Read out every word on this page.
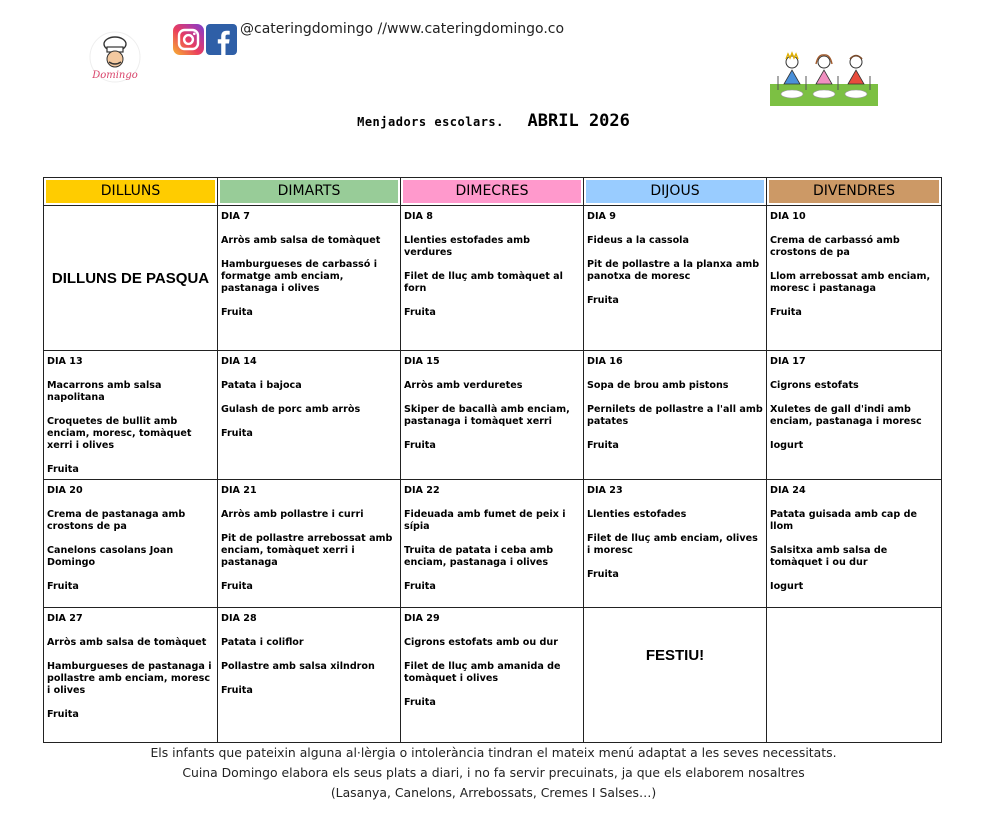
Domingo
@cateringdomingo //www.cateringdomingo.co
Menjadors escolars. ABRIL 2026
DILLUNS	DIMARTS	DIMECRES	DIJOUS	DIVENDRES

DILLUNS DE PASQUA	DIA 7
Arròs amb salsa de tomàquet
Hamburgueses de carbassó i formatge amb enciam, pastanaga i olives
Fruita	DIA 8
Llenties estofades amb verdures
Filet de lluç amb tomàquet al forn
Fruita	DIA 9
Fideus a la cassola
Pit de pollastre a la planxa amb panotxa de moresc
Fruita	DIA 10
Crema de carbassó amb crostons de pa
Llom arrebossat amb enciam, moresc i pastanaga
Fruita

DIA 13
Macarrons amb salsa napolitana
Croquetes de bullit amb enciam, moresc, tomàquet xerri i olives
Fruita	DIA 14
Patata i bajoca
Gulash de porc amb arròs
Fruita	DIA 15
Arròs amb verduretes
Skiper de bacallà amb enciam, pastanaga i tomàquet xerri
Fruita	DIA 16
Sopa de brou amb pistons
Pernilets de pollastre a l'all amb patates
Fruita	DIA 17
Cigrons estofats
Xuletes de gall d'indi amb enciam, pastanaga i moresc
Iogurt

DIA 20
Crema de pastanaga amb crostons de pa
Canelons casolans Joan Domingo
Fruita	DIA 21
Arròs amb pollastre i curri
Pit de pollastre arrebossat amb enciam, tomàquet xerri i pastanaga
Fruita	DIA 22
Fideuada amb fumet de peix i sípia
Truita de patata i ceba amb enciam, pastanaga i olives
Fruita	DIA 23
Llenties estofades
Filet de lluç amb enciam, olives i moresc
Fruita	DIA 24
Patata guisada amb cap de llom
Salsitxa amb salsa de tomàquet i ou dur
Iogurt

DIA 27
Arròs amb salsa de tomàquet
Hamburgueses de pastanaga i pollastre amb enciam, moresc i olives
Fruita	DIA 28
Patata i coliflor
Pollastre amb salsa xilndron
Fruita	DIA 29
Cigrons estofats amb ou dur
Filet de lluç amb amanida de tomàquet i olives
Fruita	FESTIU!	

Els infants que pateixin alguna al·lèrgia o intolerància tindran el mateix menú adaptat a les seves necessitats.
Cuina Domingo elabora els seus plats a diari, i no fa servir precuinats, ja que els elaborem nosaltres
(Lasanya, Canelons, Arrebossats, Cremes I Salses…)
